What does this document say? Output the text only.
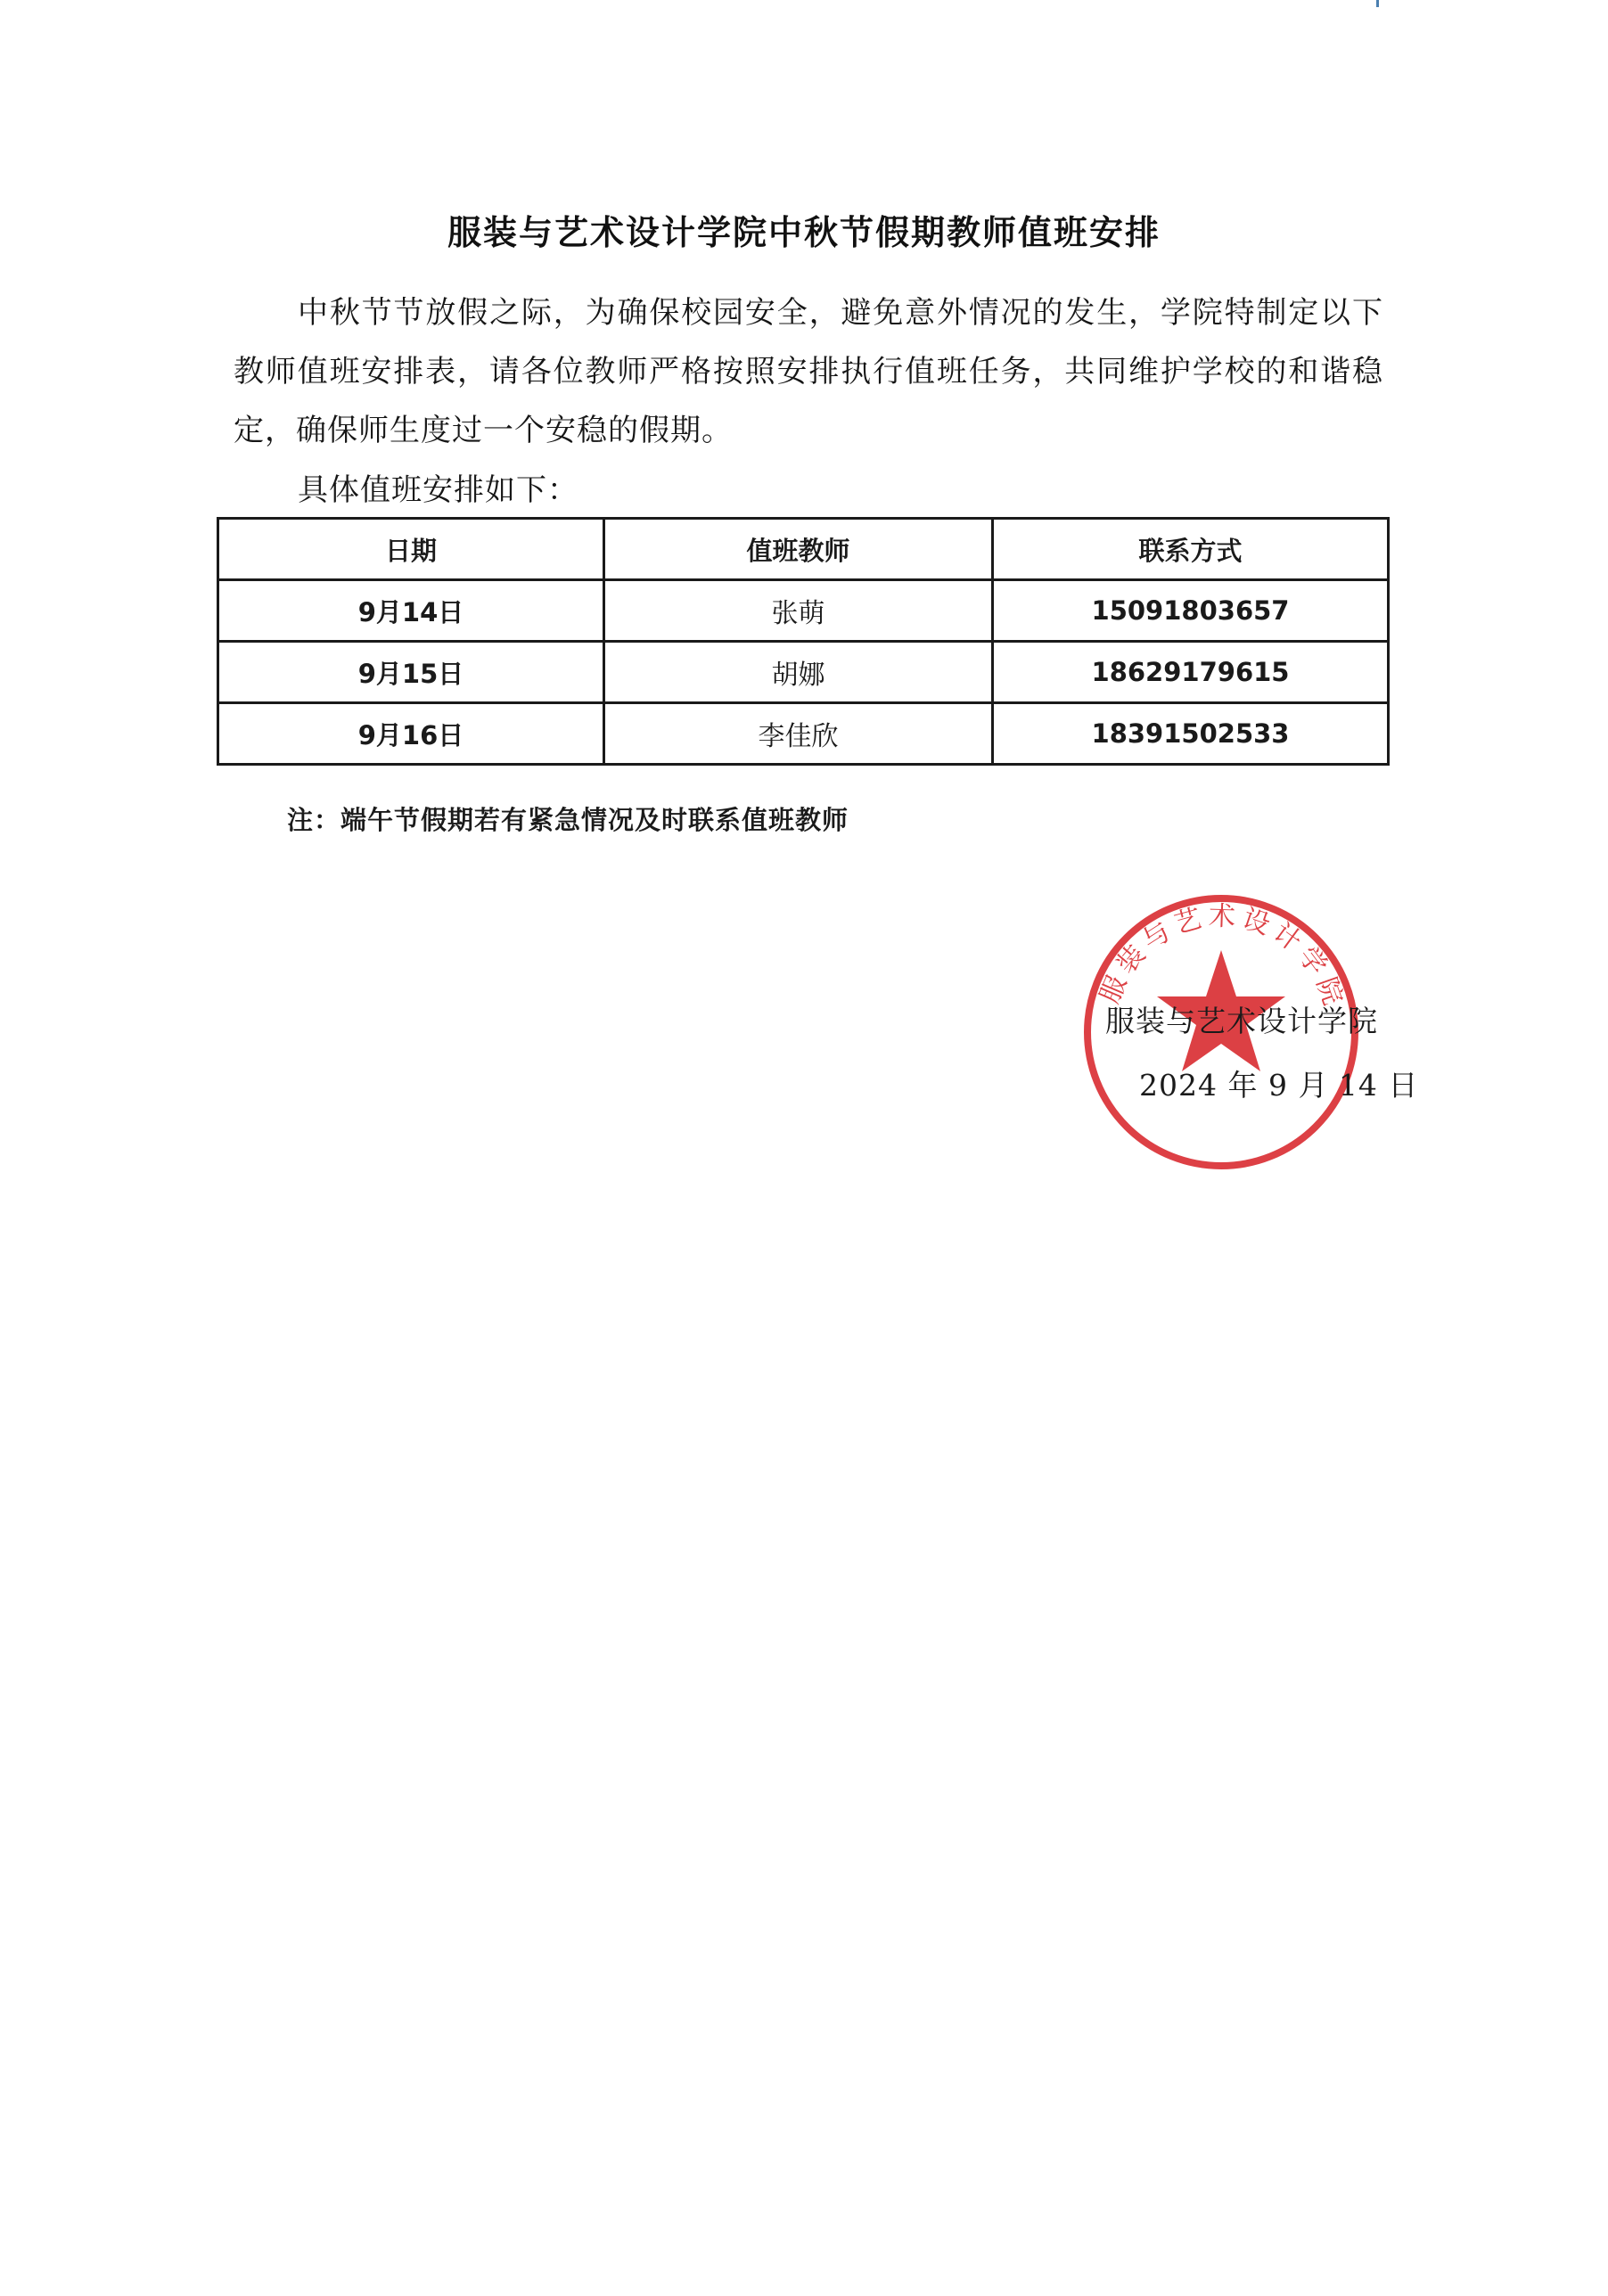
服装与艺术设计学院中秋节假期教师值班安排
中秋节节放假之际，为确保校园安全，避免意外情况的发生，学院特制定以下教师值班安排表，请各位教师严格按照安排执行值班任务，共同维护学校的和谐稳定，确保师生度过一个安稳的假期。
具体值班安排如下：
日期	值班教师	联系方式
9月14日	张萌	15091803657
9月15日	胡娜	18629179615
9月16日	李佳欣	18391502533
注：端午节假期若有紧急情况及时联系值班教师
服装与艺术设计学院
服装与艺术设计学院
2024 年 9 月 14 日
